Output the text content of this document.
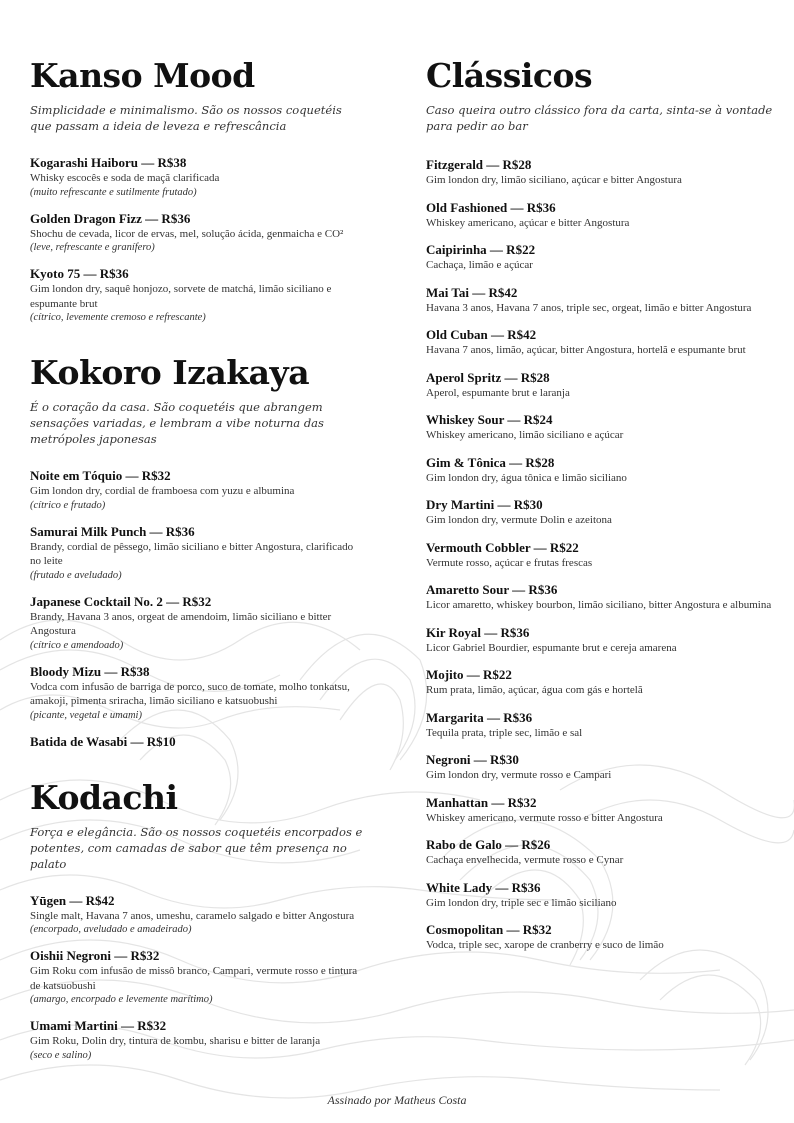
Kanso Mood

Simplicidade e minimalismo. São os nossos coquetéis que passam a ideia de leveza e refrescância

Kogarashi Haiboru — R$38
Whisky escocês e soda de maçã clarificada
(muito refrescante e sutilmente frutado)
Golden Dragon Fizz — R$36
Shochu de cevada, licor de ervas, mel, solução ácida, genmaicha e CO²
(leve, refrescante e granífero)
Kyoto 75 — R$36
Gim london dry, saquê honjozo, sorvete de matchá, limão siciliano e espumante brut
(cítrico, levemente cremoso e refrescante)
Kokoro Izakaya

É o coração da casa. São coquetéis que abrangem sensações variadas, e lembram a vibe noturna das metrópoles japonesas

Noite em Tóquio — R$32
Gim london dry, cordial de framboesa com yuzu e albumina
(cítrico e frutado)
Samurai Milk Punch — R$36
Brandy, cordial de pêssego, limão siciliano e bitter Angostura, clarificado no leite
(frutado e aveludado)
Japanese Cocktail No. 2 — R$32
Brandy, Havana 3 anos, orgeat de amendoim, limão siciliano e bitter Angostura
(cítrico e amendoado)
Bloody Mizu — R$38
Vodca com infusão de barriga de porco, suco de tomate, molho tonkatsu, amakoji, pimenta sriracha, limão siciliano e katsuobushi
(picante, vegetal e umami)
Batida de Wasabi — R$10
Kodachi

Força e elegância. São os nossos coquetéis encorpados e potentes, com camadas de sabor que têm presença no palato

Yūgen — R$42
Single malt, Havana 7 anos, umeshu, caramelo salgado e bitter Angostura
(encorpado, aveludado e amadeirado)
Oishii Negroni — R$32
Gim Roku com infusão de missô branco, Campari, vermute rosso e tintura de katsuobushi
(amargo, encorpado e levemente marítimo)
Umami Martini — R$32
Gim Roku, Dolin dry, tintura de kombu, sharisu e bitter de laranja
(seco e salino)
Clássicos

Caso queira outro clássico fora da carta, sinta-se à vontade para pedir ao bar

Fitzgerald — R$28
Gim london dry, limão siciliano, açúcar e bitter Angostura
Old Fashioned — R$36
Whiskey americano, açúcar e bitter Angostura
Caipirinha — R$22
Cachaça, limão e açúcar
Mai Tai — R$42
Havana 3 anos, Havana 7 anos, triple sec, orgeat, limão e bitter Angostura
Old Cuban — R$42
Havana 7 anos, limão, açúcar, bitter Angostura, hortelã e espumante brut
Aperol Spritz — R$28
Aperol, espumante brut e laranja
Whiskey Sour — R$24
Whiskey americano, limão siciliano e açúcar
Gim & Tônica — R$28
Gim london dry, água tônica e limão siciliano
Dry Martini — R$30
Gim london dry, vermute Dolin e azeitona
Vermouth Cobbler — R$22
Vermute rosso, açúcar e frutas frescas
Amaretto Sour — R$36
Licor amaretto, whiskey bourbon, limão siciliano, bitter Angostura e albumina
Kir Royal — R$36
Licor Gabriel Bourdier, espumante brut e cereja amarena
Mojito — R$22
Rum prata, limão, açúcar, água com gás e hortelã
Margarita — R$36
Tequila prata, triple sec, limão e sal
Negroni — R$30
Gim london dry, vermute rosso e Campari
Manhattan — R$32
Whiskey americano, vermute rosso e bitter Angostura
Rabo de Galo — R$26
Cachaça envelhecida, vermute rosso e Cynar
White Lady — R$36
Gim london dry, triple sec e limão siciliano
Cosmopolitan — R$32
Vodca, triple sec, xarope de cranberry e suco de limão
Assinado por Matheus Costa
